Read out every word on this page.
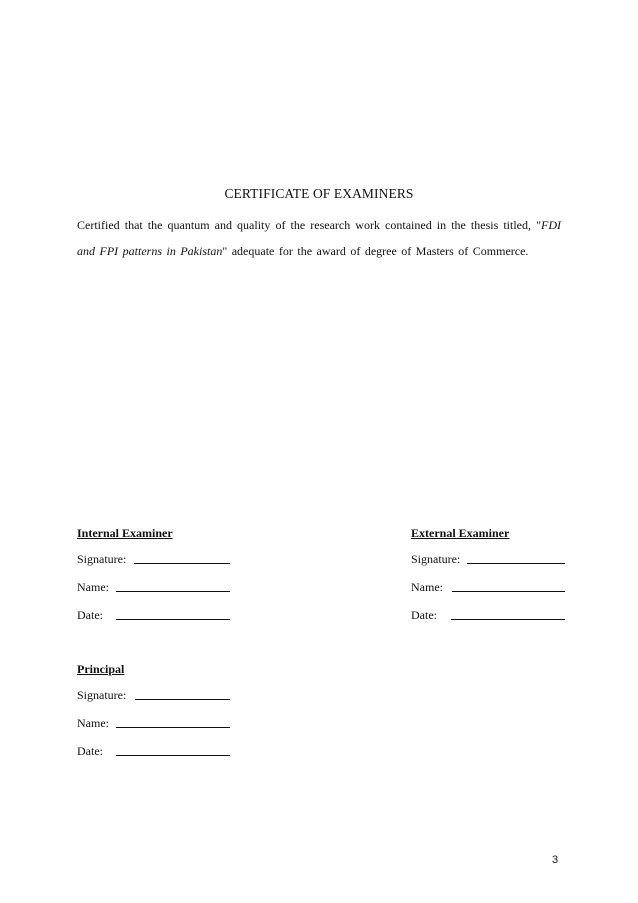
CERTIFICATE OF EXAMINERS
Certified that the quantum and quality of the research work contained in the thesis titled, "FDI and FPI patterns in Pakistan" adequate for the award of degree of Masters of Commerce.
Internal Examiner
Signature:
Name:
Date:
External Examiner
Signature:
Name:
Date:
Principal
Signature:
Name:
Date:
3
